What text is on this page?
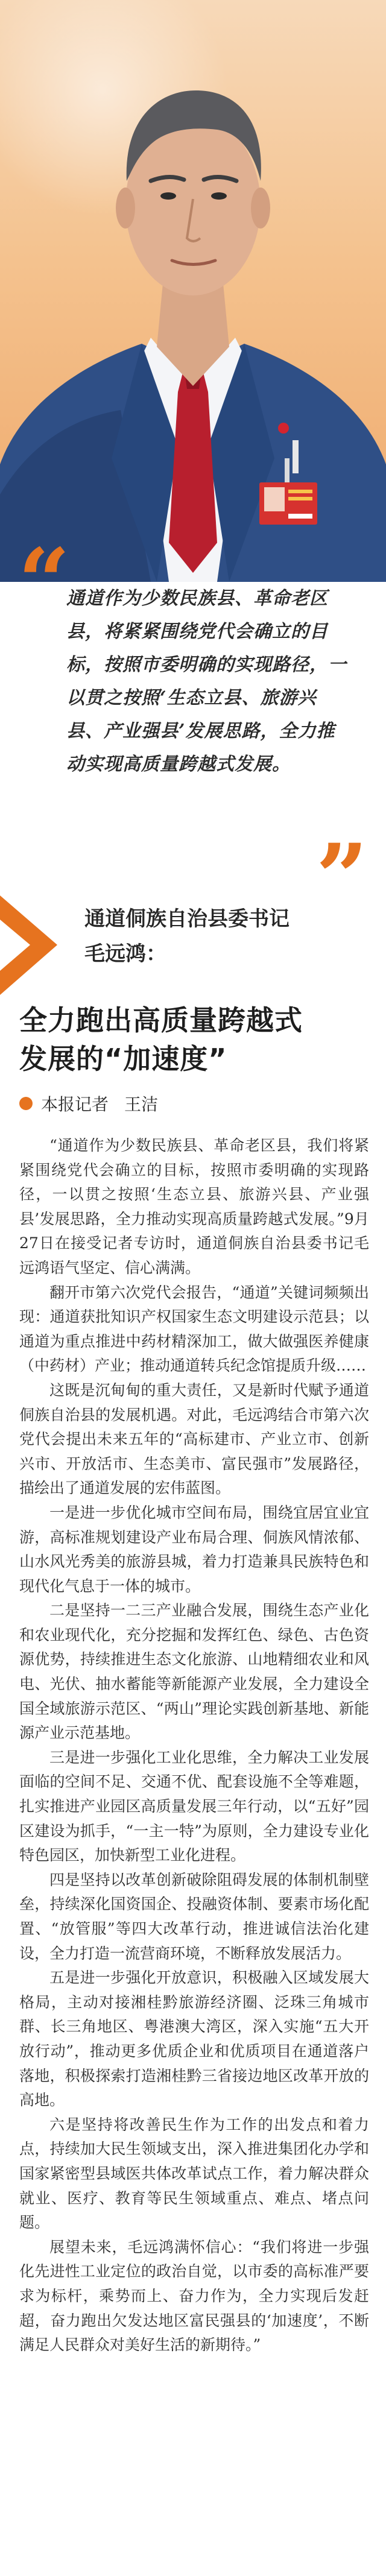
“
通道作为少数民族县、革命老区县，将紧紧围绕党代会确立的目标，按照市委明确的实现路径，一以贯之按照‘生态立县、旅游兴县、产业强县’发展思路，全力推动实现高质量跨越式发展。
”
通道侗族自治县委书记
毛远鸿：
全力跑出高质量跨越式
发展的“加速度”
本报记者 王洁

“通道作为少数民族县、革命老区县，我们将紧紧围绕党代会确立的目标，按照市委明确的实现路径，一以贯之按照‘生态立县、旅游兴县、产业强县’发展思路，全力推动实现高质量跨越式发展。”9月27日在接受记者专访时，通道侗族自治县委书记毛远鸿语气坚定、信心满满。

翻开市第六次党代会报告，“通道”关键词频频出现：通道获批知识产权国家生态文明建设示范县；以通道为重点推进中药材精深加工，做大做强医养健康（中药材）产业；推动通道转兵纪念馆提质升级……

这既是沉甸甸的重大责任，又是新时代赋予通道侗族自治县的发展机遇。对此，毛远鸿结合市第六次党代会提出未来五年的“高标建市、产业立市、创新兴市、开放活市、生态美市、富民强市”发展路径，描绘出了通道发展的宏伟蓝图。

一是进一步优化城市空间布局，围绕宜居宜业宜游，高标准规划建设产业布局合理、侗族风情浓郁、山水风光秀美的旅游县城，着力打造兼具民族特色和现代化气息于一体的城市。

二是坚持一二三产业融合发展，围绕生态产业化和农业现代化，充分挖掘和发挥红色、绿色、古色资源优势，持续推进生态文化旅游、山地精细农业和风电、光伏、抽水蓄能等新能源产业发展，全力建设全国全域旅游示范区、“两山”理论实践创新基地、新能源产业示范基地。

三是进一步强化工业化思维，全力解决工业发展面临的空间不足、交通不优、配套设施不全等难题，扎实推进产业园区高质量发展三年行动，以“五好”园区建设为抓手，“一主一特”为原则，全力建设专业化特色园区，加快新型工业化进程。

四是坚持以改革创新破除阻碍发展的体制机制壁垒，持续深化国资国企、投融资体制、要素市场化配置、“放管服”等四大改革行动，推进诚信法治化建设，全力打造一流营商环境，不断释放发展活力。

五是进一步强化开放意识，积极融入区域发展大格局，主动对接湘桂黔旅游经济圈、泛珠三角城市群、长三角地区、粤港澳大湾区，深入实施“五大开放行动”，推动更多优质企业和优质项目在通道落户落地，积极探索打造湘桂黔三省接边地区改革开放的高地。

六是坚持将改善民生作为工作的出发点和着力点，持续加大民生领域支出，深入推进集团化办学和国家紧密型县域医共体改革试点工作，着力解决群众就业、医疗、教育等民生领域重点、难点、堵点问题。

展望未来，毛远鸿满怀信心：“我们将进一步强化先进性工业定位的政治自觉，以市委的高标准严要求为标杆，乘势而上、奋力作为，全力实现后发赶超，奋力跑出欠发达地区富民强县的‘加速度’，不断满足人民群众对美好生活的新期待。”
